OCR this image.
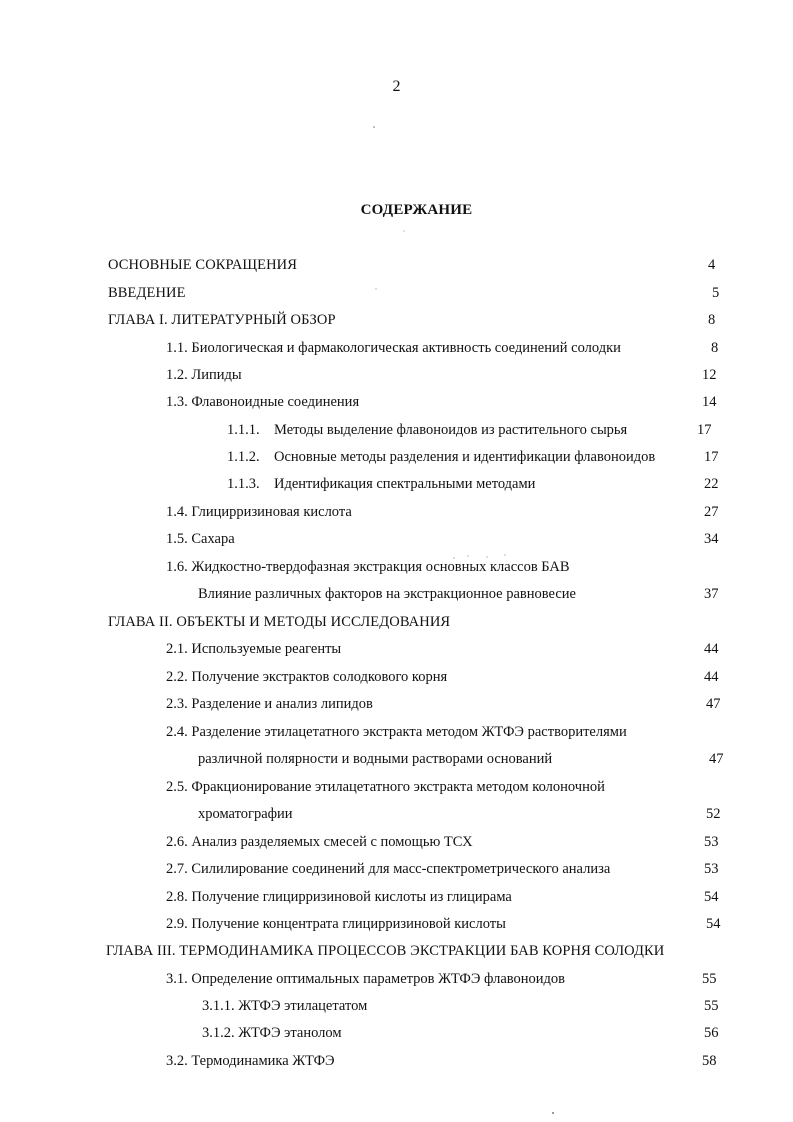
2
СОДЕРЖАНИЕ
ОСНОВНЫЕ СОКРАЩЕНИЯ	4
ВВЕДЕНИЕ	5
ГЛАВА I. ЛИТЕРАТУРНЫЙ ОБЗОР	8
1.1. Биологическая и фармакологическая активность соединений солодки	8
1.2. Липиды	12
1.3. Флавоноидные соединения	14
1.1.1. Методы выделение флавоноидов из растительного сырья	17
1.1.2. Основные методы разделения и идентификации флавоноидов	17
1.1.3. Идентификация спектральными методами	22
1.4. Глицирризиновая кислота	27
1.5. Сахара	34
1.6. Жидкостно-твердофазная экстракция основных классов БАВ
Влияние различных факторов на экстракционное равновесие	37
ГЛАВА II. ОБЪЕКТЫ И МЕТОДЫ ИССЛЕДОВАНИЯ
2.1. Используемые реагенты	44
2.2. Получение экстрактов солодкового корня	44
2.3. Разделение и анализ липидов	47
2.4. Разделение этилацетатного экстракта методом ЖТФЭ растворителями
различной полярности и водными растворами оснований	47
2.5. Фракционирование этилацетатного экстракта методом колоночной
хроматографии	52
2.6. Анализ разделяемых смесей с помощью ТСХ	53
2.7. Силилирование соединений для масс-спектрометрического анализа	53
2.8. Получение глицирризиновой кислоты из глицирама	54
2.9. Получение концентрата глицирризиновой кислоты	54
ГЛАВА III. ТЕРМОДИНАМИКА ПРОЦЕССОВ ЭКСТРАКЦИИ БАВ КОРНЯ СОЛОДКИ
3.1. Определение оптимальных параметров ЖТФЭ флавоноидов	55
3.1.1. ЖТФЭ этилацетатом	55
3.1.2. ЖТФЭ этанолом	56
3.2. Термодинамика ЖТФЭ	58
